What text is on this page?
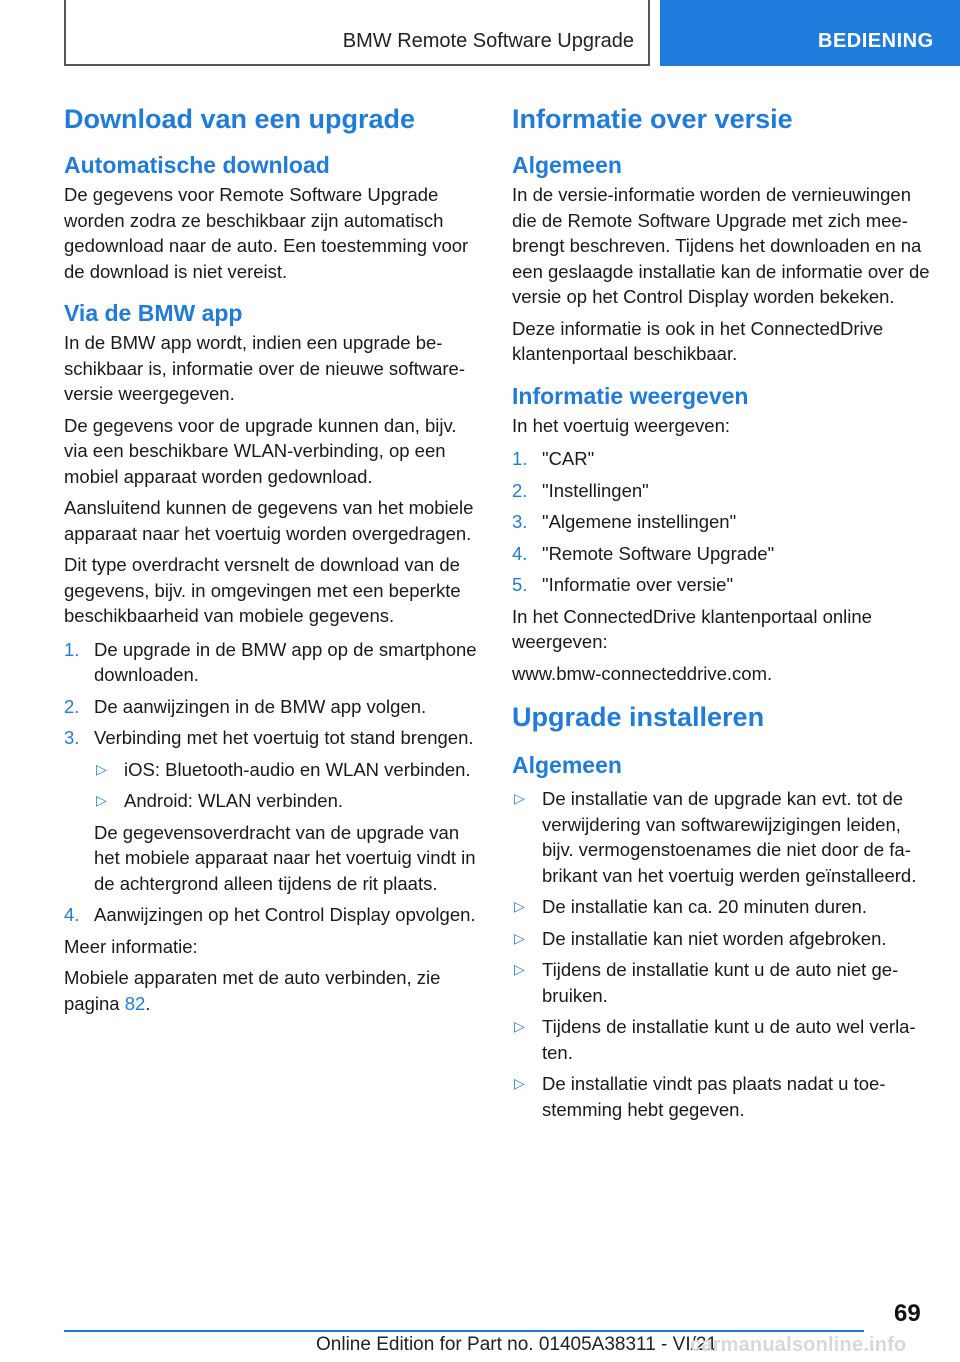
BMW Remote Software Upgrade	BEDIENING
Download van een upgrade
Automatische download

De gegevens voor Remote Software Upgrade worden zodra ze beschikbaar zijn automatisch gedownload naar de auto. Een toestemming voor de download is niet vereist.

Via de BMW app

In de BMW app wordt, indien een upgrade beschikbaar is, informatie over de nieuwe softwareversie weergegeven.

De gegevens voor de upgrade kunnen dan, bijv. via een beschikbare WLAN-verbinding, op een mobiel apparaat worden gedownload.

Aansluitend kunnen de gegevens van het mobiele apparaat naar het voertuig worden overgedragen.

Dit type overdracht versnelt de download van de gegevens, bijv. in omgevingen met een beperkte beschikbaarheid van mobiele gegevens.

1. De upgrade in de BMW app op de smartphone downloaden.
2. De aanwijzingen in de BMW app volgen.
3. Verbinding met het voertuig tot stand brengen.
▷ iOS: Bluetooth-audio en WLAN verbinden.
▷ Android: WLAN verbinden.

De gegevensoverdracht van de upgrade van het mobiele apparaat naar het voertuig vindt in de achtergrond alleen tijdens de rit plaats.

4. Aanwijzingen op het Control Display opvolgen.

Meer informatie:

Mobiele apparaten met de auto verbinden, zie pagina 82.

Informatie over versie
Algemeen

In de versie-informatie worden de vernieuwingen die de Remote Software Upgrade met zich meebrengt beschreven. Tijdens het downloaden en na een geslaagde installatie kan de informatie over de versie op het Control Display worden bekeken.

Deze informatie is ook in het ConnectedDrive klantenportaal beschikbaar.

Informatie weergeven

In het voertuig weergeven:

1. "CAR"
2. "Instellingen"
3. "Algemene instellingen"
4. "Remote Software Upgrade"
5. "Informatie over versie"

In het ConnectedDrive klantenportaal online weergeven:

www.bmw-connecteddrive.com.

Upgrade installeren
Algemeen
▷ De installatie van de upgrade kan evt. tot de verwijdering van softwarewijzigingen leiden, bijv. vermogenstoenames die niet door de fabrikant van het voertuig werden geïnstalleerd.
▷ De installatie kan ca. 20 minuten duren.
▷ De installatie kan niet worden afgebroken.
▷ Tijdens de installatie kunt u de auto niet gebruiken.
▷ Tijdens de installatie kunt u de auto wel verlaten.
▷ De installatie vindt pas plaats nadat u toestemming hebt gegeven.
69
Online Edition for Part no. 01405A38311 - VI/21
carmanualsonline.info
